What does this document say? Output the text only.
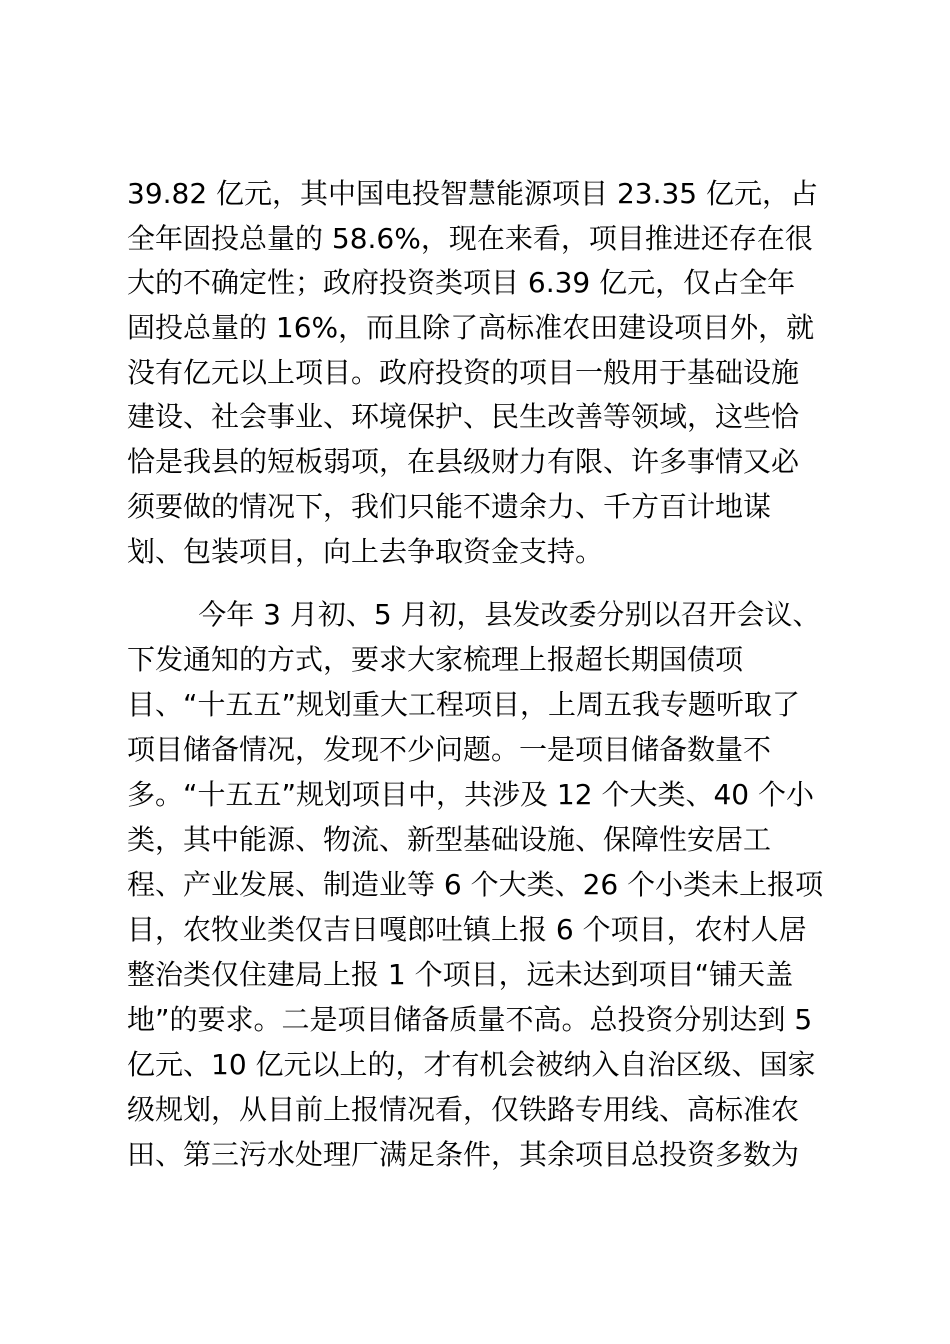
39.82 亿元，其中国电投智慧能源项目 23.35 亿元，占
全年固投总量的 58.6%，现在来看，项目推进还存在很
大的不确定性；政府投资类项目 6.39 亿元，仅占全年
固投总量的 16%，而且除了高标准农田建设项目外，就
没有亿元以上项目。政府投资的项目一般用于基础设施
建设、社会事业、环境保护、民生改善等领域，这些恰
恰是我县的短板弱项，在县级财力有限、许多事情又必
须要做的情况下，我们只能不遗余力、千方百计地谋
划、包装项目，向上去争取资金支持。
今年 3 月初、5 月初，县发改委分别以召开会议、
下发通知的方式，要求大家梳理上报超长期国债项
目、“十五五”规划重大工程项目，上周五我专题听取了
项目储备情况，发现不少问题。一是项目储备数量不
多。“十五五”规划项目中，共涉及 12 个大类、40 个小
类，其中能源、物流、新型基础设施、保障性安居工
程、产业发展、制造业等 6 个大类、26 个小类未上报项
目，农牧业类仅吉日嘎郎吐镇上报 6 个项目，农村人居
整治类仅住建局上报 1 个项目，远未达到项目“铺天盖
地”的要求。二是项目储备质量不高。总投资分别达到 5
亿元、10 亿元以上的，才有机会被纳入自治区级、国家
级规划，从目前上报情况看，仅铁路专用线、高标准农
田、第三污水处理厂满足条件，其余项目总投资多数为
